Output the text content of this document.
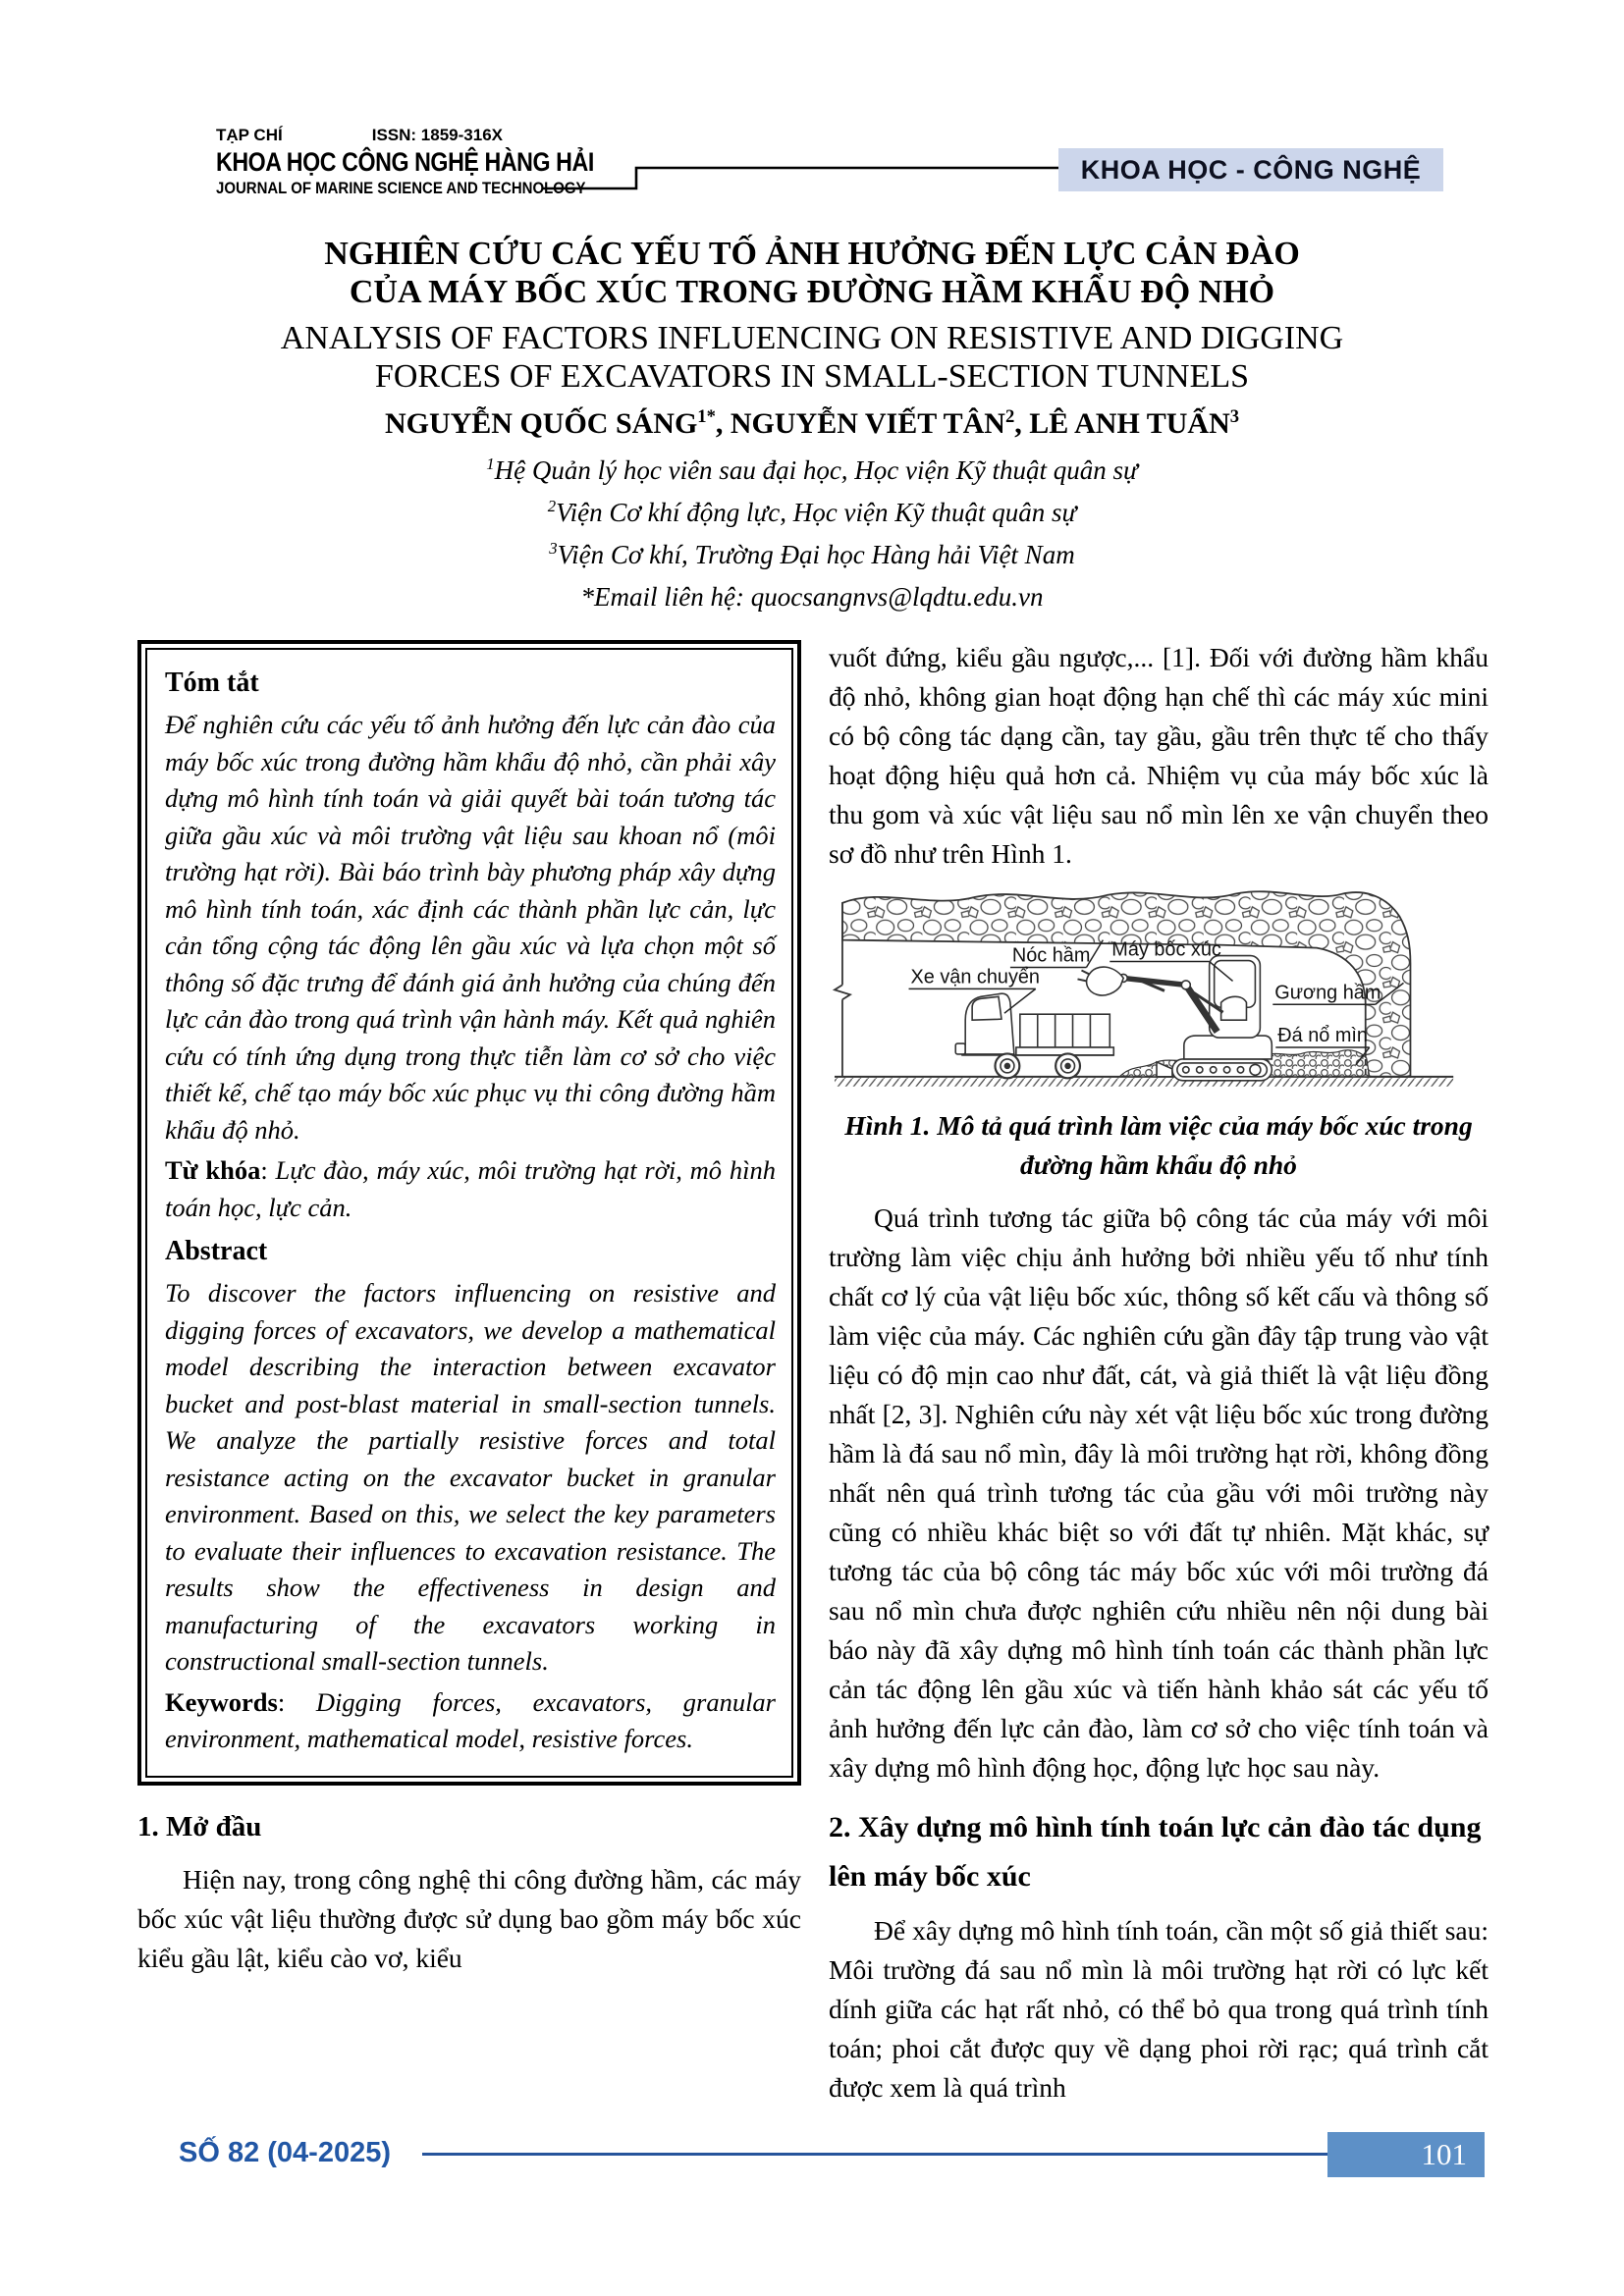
TẠP CHÍ	ISSN: 1859-316X
KHOA HỌC CÔNG NGHỆ HÀNG HẢI
JOURNAL OF MARINE SCIENCE AND TECHNOLOGY
KHOA HỌC - CÔNG NGHỆ
NGHIÊN CỨU CÁC YẾU TỐ ẢNH HƯỞNG ĐẾN LỰC CẢN ĐÀO
CỦA MÁY BỐC XÚC TRONG ĐƯỜNG HẦM KHẨU ĐỘ NHỎ
ANALYSIS OF FACTORS INFLUENCING ON RESISTIVE AND DIGGING
FORCES OF EXCAVATORS IN SMALL-SECTION TUNNELS
NGUYỄN QUỐC $SÁNG^{1*}$, NGUYỄN VIẾT TÂN$^2$, LÊ ANH TUẤN$^3$
$^1$Hệ Quản lý học viên sau đại học, Học viện Kỹ thuật quân sự
$^2$Viện Cơ khí động lực, Học viện Kỹ thuật quân sự
$^3$Viện Cơ khí, Trường Đại học Hàng hải Việt Nam
*Email liên hệ: quocsangnvs@lqdtu.edu.vn
Tóm tắt

Để nghiên cứu các yếu tố ảnh hưởng đến lực cản đào của máy bốc xúc trong đường hầm khẩu độ nhỏ, cần phải xây dựng mô hình tính toán và giải quyết bài toán tương tác giữa gầu xúc và môi trường vật liệu sau khoan nổ (môi trường hạt rời). Bài báo trình bày phương pháp xây dựng mô hình tính toán, xác định các thành phần lực cản, lực cản tổng cộng tác động lên gầu xúc và lựa chọn một số thông số đặc trưng để đánh giá ảnh hưởng của chúng đến lực cản đào trong quá trình vận hành máy. Kết quả nghiên cứu có tính ứng dụng trong thực tiễn làm cơ sở cho việc thiết kế, chế tạo máy bốc xúc phục vụ thi công đường hầm khẩu độ nhỏ.

Từ khóa: Lực đào, máy xúc, môi trường hạt rời, mô hình toán học, lực cản.

Abstract

To discover the factors influencing on resistive and digging forces of excavators, we develop a mathematical model describing the interaction between excavator bucket and post-blast material in small-section tunnels. We analyze the partially resistive forces and total resistance acting on the excavator bucket in granular environment. Based on this, we select the key parameters to evaluate their influences to excavation resistance. The results show the effectiveness in design and manufacturing of the excavators working in constructional small-section tunnels.

Keywords: Digging forces, excavators, granular environment, mathematical model, resistive forces.

1. Mở đầu

Hiện nay, trong công nghệ thi công đường hầm, các máy bốc xúc vật liệu thường được sử dụng bao gồm máy bốc xúc kiểu gầu lật, kiểu cào vơ, kiểu

vuốt đứng, kiểu gầu ngược,... [1]. Đối với đường hầm khẩu độ nhỏ, không gian hoạt động hạn chế thì các máy xúc mini có bộ công tác dạng cần, tay gầu, gầu trên thực tế cho thấy hoạt động hiệu quả hơn cả. Nhiệm vụ của máy bốc xúc là thu gom và xúc vật liệu sau nổ mìn lên xe vận chuyển theo sơ đồ như trên Hình 1.

Nóc hầm Máy bốc xúc
Xe vận chuyển
Gương hầm
Đá nổ mìn
Hình 1. Mô tả quá trình làm việc của máy bốc xúc trong
đường hầm khẩu độ nhỏ

Quá trình tương tác giữa bộ công tác của máy với môi trường làm việc chịu ảnh hưởng bởi nhiều yếu tố như tính chất cơ lý của vật liệu bốc xúc, thông số kết cấu và thông số làm việc của máy. Các nghiên cứu gần đây tập trung vào vật liệu có độ mịn cao như đất, cát, và giả thiết là vật liệu đồng nhất [2, 3]. Nghiên cứu này xét vật liệu bốc xúc trong đường hầm là đá sau nổ mìn, đây là môi trường hạt rời, không đồng nhất nên quá trình tương tác của gầu với môi trường này cũng có nhiều khác biệt so với đất tự nhiên. Mặt khác, sự tương tác của bộ công tác máy bốc xúc với môi trường đá sau nổ mìn chưa được nghiên cứu nhiều nên nội dung bài báo này đã xây dựng mô hình tính toán các thành phần lực cản tác động lên gầu xúc và tiến hành khảo sát các yếu tố ảnh hưởng đến lực cản đào, làm cơ sở cho việc tính toán và xây dựng mô hình động học, động lực học sau này.

2. Xây dựng mô hình tính toán lực cản đào tác dụng lên máy bốc xúc

Để xây dựng mô hình tính toán, cần một số giả thiết sau: Môi trường đá sau nổ mìn là môi trường hạt rời có lực kết dính giữa các hạt rất nhỏ, có thể bỏ qua trong quá trình tính toán; phoi cắt được quy về dạng phoi rời rạc; quá trình cắt được xem là quá trình

SỐ 82 (04-2025)	101
